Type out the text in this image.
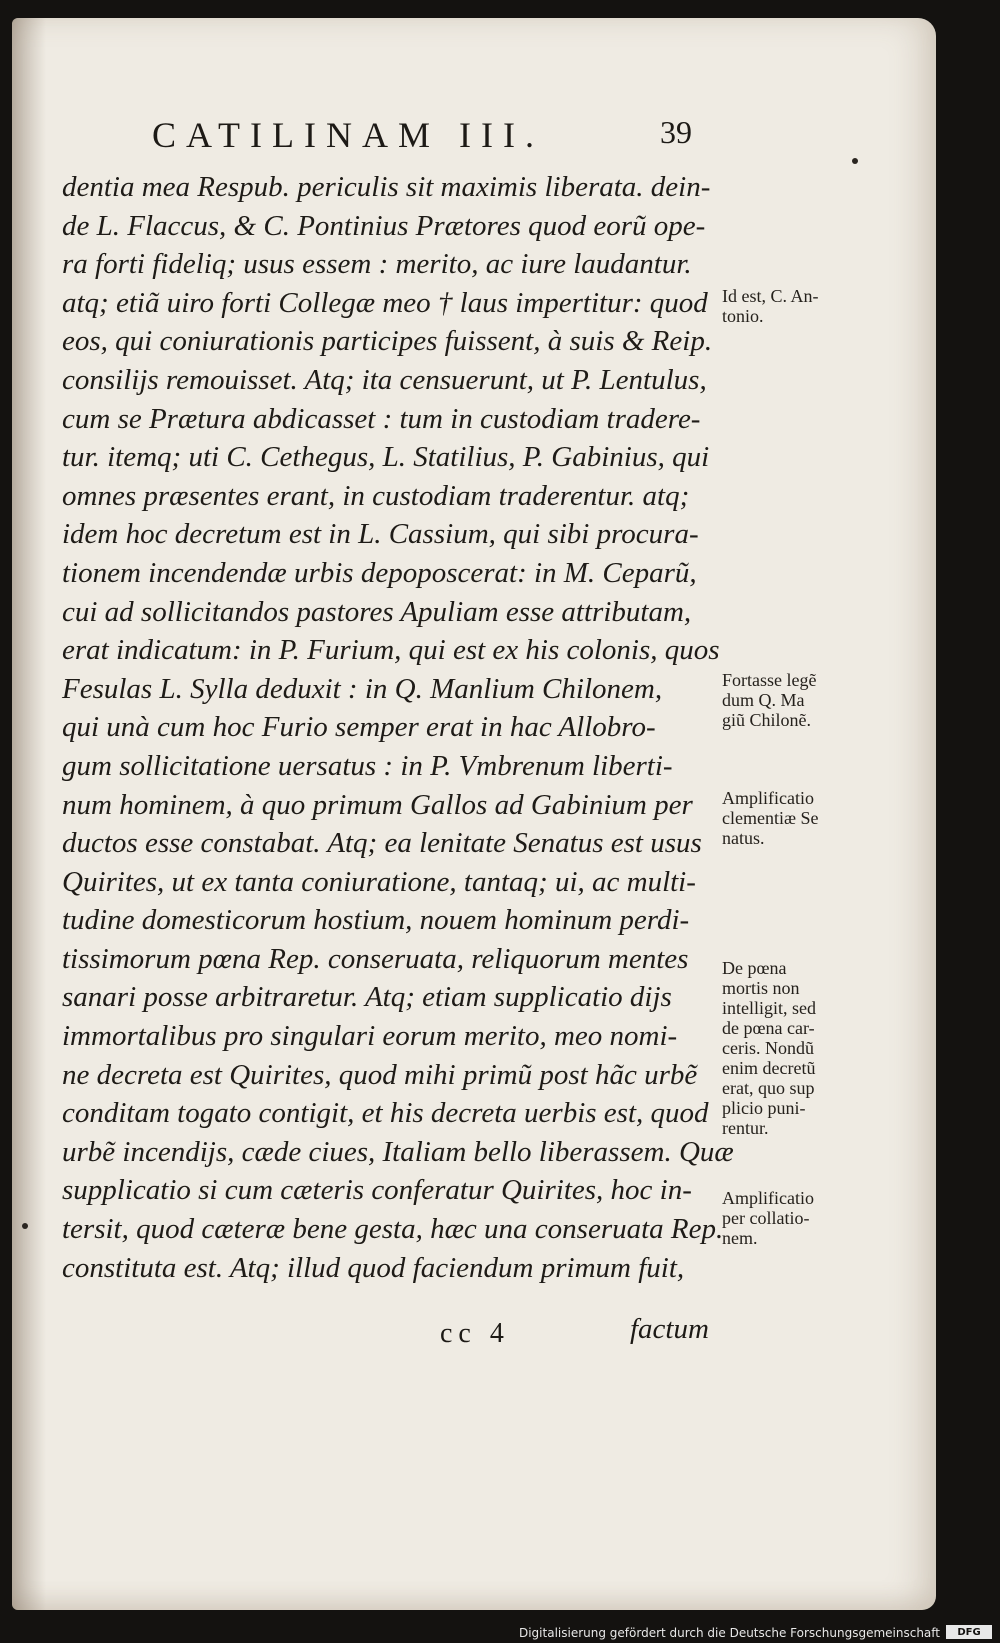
CATILINAM III.	39
dentia mea Respub. periculis sit maximis liberata. dein-
de L. Flaccus, & C. Pontinius Prætores quod eorũ ope-
ra forti fideliq; usus essem : merito, ac iure laudantur.
atq; etiã uiro forti Collegæ meo † laus impertitur: quod
eos, qui coniurationis participes fuissent, à suis & Reip.
consilijs remouisset. Atq; ita censuerunt, ut P. Lentulus,
cum se Prætura abdicasset : tum in custodiam tradere-
tur. itemq; uti C. Cethegus, L. Statilius, P. Gabinius, qui
omnes præsentes erant, in custodiam traderentur. atq;
idem hoc decretum est in L. Cassium, qui sibi procura-
tionem incendendæ urbis depoposcerat: in M. Ceparũ,
cui ad sollicitandos pastores Apuliam esse attributam,
erat indicatum: in P. Furium, qui est ex his colonis, quos
Fesulas L. Sylla deduxit : in Q. Manlium Chilonem,
qui unà cum hoc Furio semper erat in hac Allobro-
gum sollicitatione uersatus : in P. Vmbrenum liberti-
num hominem, à quo primum Gallos ad Gabinium per
ductos esse constabat. Atq; ea lenitate Senatus est usus
Quirites, ut ex tanta coniuratione, tantaq; ui, ac multi-
tudine domesticorum hostium, nouem hominum perdi-
tissimorum pœna Rep. conseruata, reliquorum mentes
sanari posse arbitraretur. Atq; etiam supplicatio dijs
immortalibus pro singulari eorum merito, meo nomi-
ne decreta est Quirites, quod mihi primũ post hãc urbẽ
conditam togato contigit, et his decreta uerbis est, quod
urbẽ incendijs, cæde ciues, Italiam bello liberassem. Quæ
supplicatio si cum cæteris conferatur Quirites, hoc in-
tersit, quod cæteræ bene gesta, hæc una conseruata Rep.
constituta est. Atq; illud quod faciendum primum fuit,
Id est, C. An-
tonio.
Fortasse legẽ
dum Q. Ma
giũ Chilonẽ.
Amplificatio
clementiæ Se
natus.
De pœna
mortis non
intelligit, sed
de pœna car-
ceris. Nondũ
enim decretũ
erat, quo sup
plicio puni-
rentur.
Amplificatio
per collatio-
nem.
cc 4	factum
Digitalisierung gefördert durch die Deutsche Forschungsgemeinschaft	DFG
